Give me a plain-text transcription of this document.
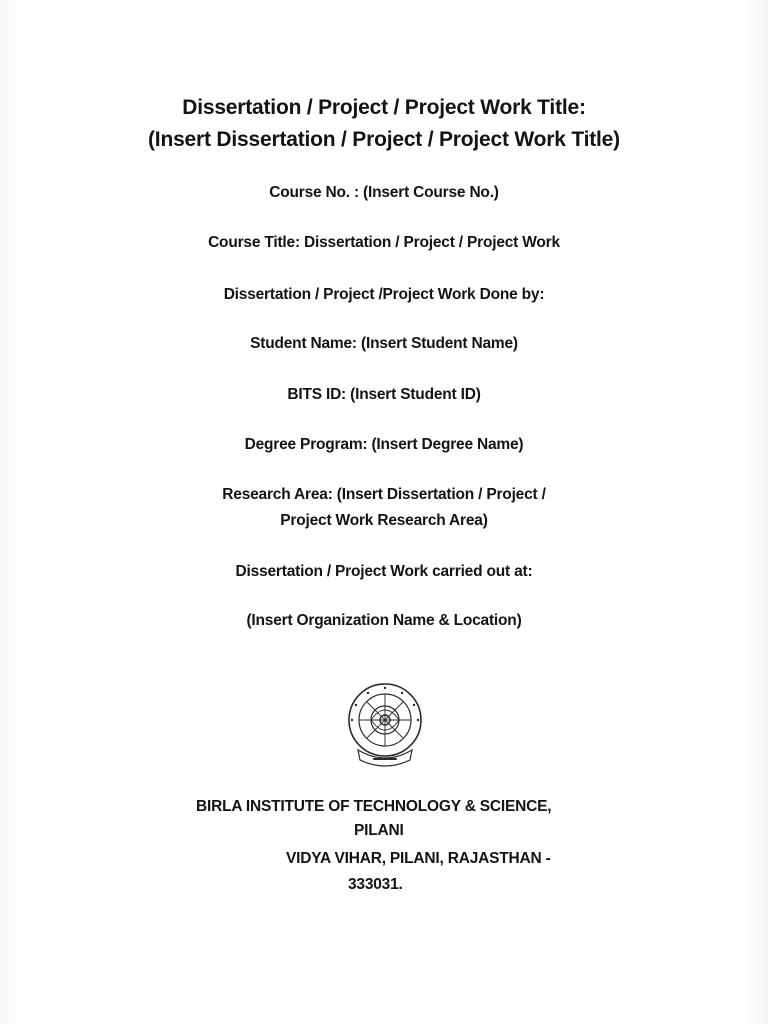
Dissertation / Project / Project Work Title:
(Insert Dissertation / Project / Project Work Title)
Course No. : (Insert Course No.)
Course Title: Dissertation / Project / Project Work
Dissertation / Project /Project Work Done by:
Student Name: (Insert Student Name)
BITS ID: (Insert Student ID)
Degree Program: (Insert Degree Name)
Research Area: (Insert Dissertation / Project /
Project Work Research Area)
Dissertation / Project Work carried out at:
(Insert Organization Name & Location)
BIRLA INSTITUTE OF TECHNOLOGY & SCIENCE,
PILANI
VIDYA VIHAR, PILANI, RAJASTHAN -
333031.
